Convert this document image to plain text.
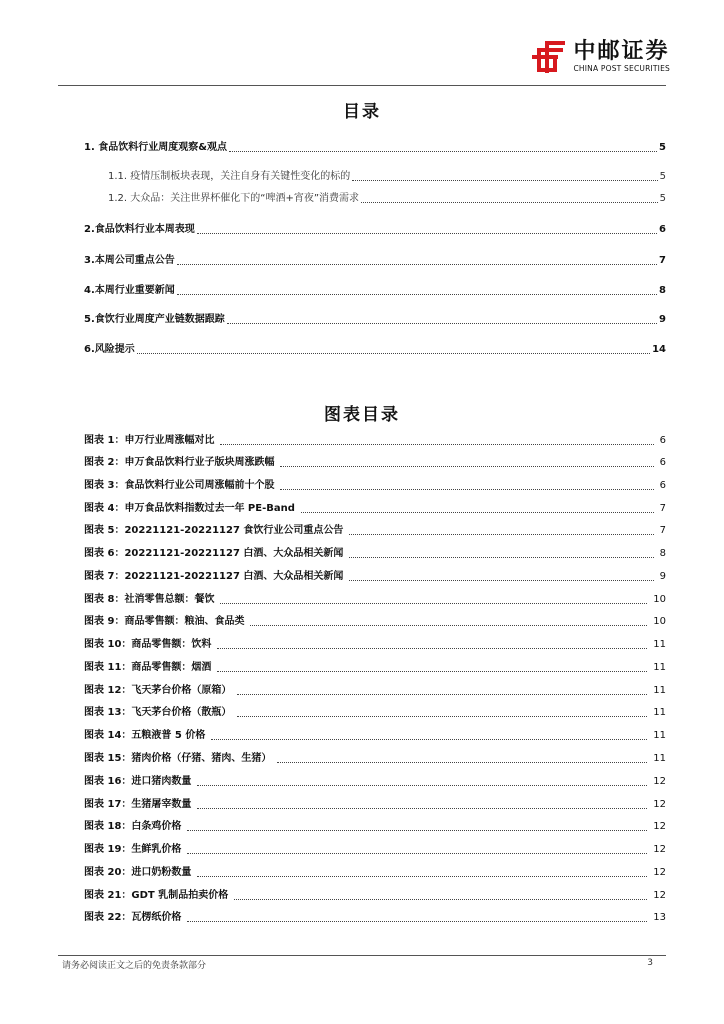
中邮证券
CHINA POST SECURITIES
目录
1. 食品饮料行业周度观察&观点	5
1.1. 疫情压制板块表现，关注自身有关键性变化的标的	5
1.2. 大众品：关注世界杯催化下的“啤酒+宵夜”消费需求	5
2.食品饮料行业本周表现	6
3.本周公司重点公告	7
4.本周行业重要新闻	8
5.食饮行业周度产业链数据跟踪	9
6.风险提示	14
图表目录
图表 1： 申万行业周涨幅对比	6
图表 2： 申万食品饮料行业子版块周涨跌幅	6
图表 3： 食品饮料行业公司周涨幅前十个股	6
图表 4： 申万食品饮料指数过去一年 PE-Band	7
图表 5： 20221121-20221127 食饮行业公司重点公告	7
图表 6： 20221121-20221127 白酒、大众品相关新闻	8
图表 7： 20221121-20221127 白酒、大众品相关新闻	9
图表 8： 社消零售总额：餐饮	10
图表 9： 商品零售额：粮油、食品类	10
图表 10： 商品零售额：饮料	11
图表 11： 商品零售额：烟酒	11
图表 12： 飞天茅台价格（原箱）	11
图表 13： 飞天茅台价格（散瓶）	11
图表 14： 五粮液普 5 价格	11
图表 15： 猪肉价格（仔猪、猪肉、生猪）	11
图表 16： 进口猪肉数量	12
图表 17： 生猪屠宰数量	12
图表 18： 白条鸡价格	12
图表 19： 生鲜乳价格	12
图表 20： 进口奶粉数量	12
图表 21： GDT 乳制品拍卖价格	12
图表 22： 瓦楞纸价格	13
请务必阅读正文之后的免责条款部分	3
